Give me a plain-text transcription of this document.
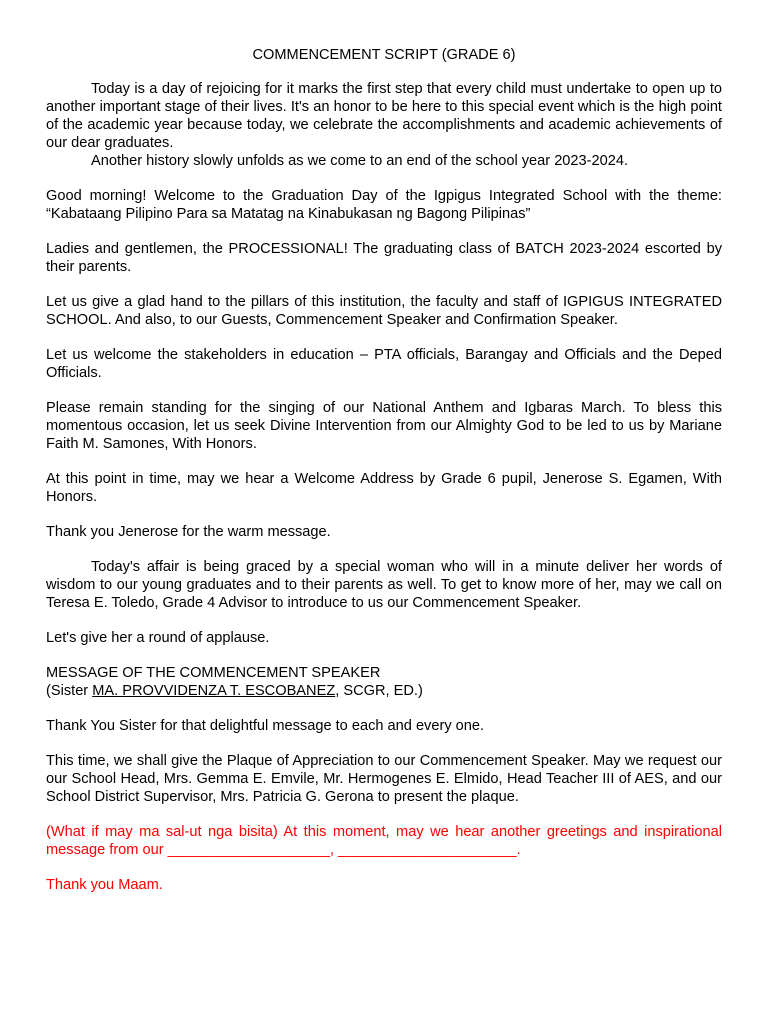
COMMENCEMENT SCRIPT (GRADE 6)

Today is a day of rejoicing for it marks the first step that every child must undertake to open up to another important stage of their lives. It's an honor to be here to this special event which is the high point of the academic year because today, we celebrate the accomplishments and academic achievements of our dear graduates.

Another history slowly unfolds as we come to an end of the school year 2023-2024.

Good morning! Welcome to the Graduation Day of the Igpigus Integrated School with the theme: “Kabataang Pilipino Para sa Matatag na Kinabukasan ng Bagong Pilipinas”

Ladies and gentlemen, the PROCESSIONAL! The graduating class of BATCH 2023-2024 escorted by their parents.

Let us give a glad hand to the pillars of this institution, the faculty and staff of IGPIGUS INTEGRATED SCHOOL. And also, to our Guests, Commencement Speaker and Confirmation Speaker.

Let us welcome the stakeholders in education – PTA officials, Barangay and Officials and the Deped Officials.

Please remain standing for the singing of our National Anthem and Igbaras March. To bless this momentous occasion, let us seek Divine Intervention from our Almighty God to be led to us by Mariane Faith M. Samones, With Honors.

At this point in time, may we hear a Welcome Address by Grade 6 pupil, Jenerose S. Egamen, With Honors.

Thank you Jenerose for the warm message.

Today's affair is being graced by a special woman who will in a minute deliver her words of wisdom to our young graduates and to their parents as well. To get to know more of her, may we call on Teresa E. Toledo, Grade 4 Advisor to introduce to us our Commencement Speaker.

Let's give her a round of applause.

MESSAGE OF THE COMMENCEMENT SPEAKER

(Sister MA. PROVVIDENZA T. ESCOBANEZ, SCGR, ED.)

Thank You Sister for that delightful message to each and every one.

This time, we shall give the Plaque of Appreciation to our Commencement Speaker. May we request our our School Head, Mrs. Gemma E. Emvile, Mr. Hermogenes E. Elmido, Head Teacher III of AES, and our School District Supervisor, Mrs. Patricia G. Gerona to present the plaque.

(What if may ma sal-ut nga bisita) At this moment, may we hear another greetings and inspirational message from our ____________________, ______________________.

Thank you Maam.
